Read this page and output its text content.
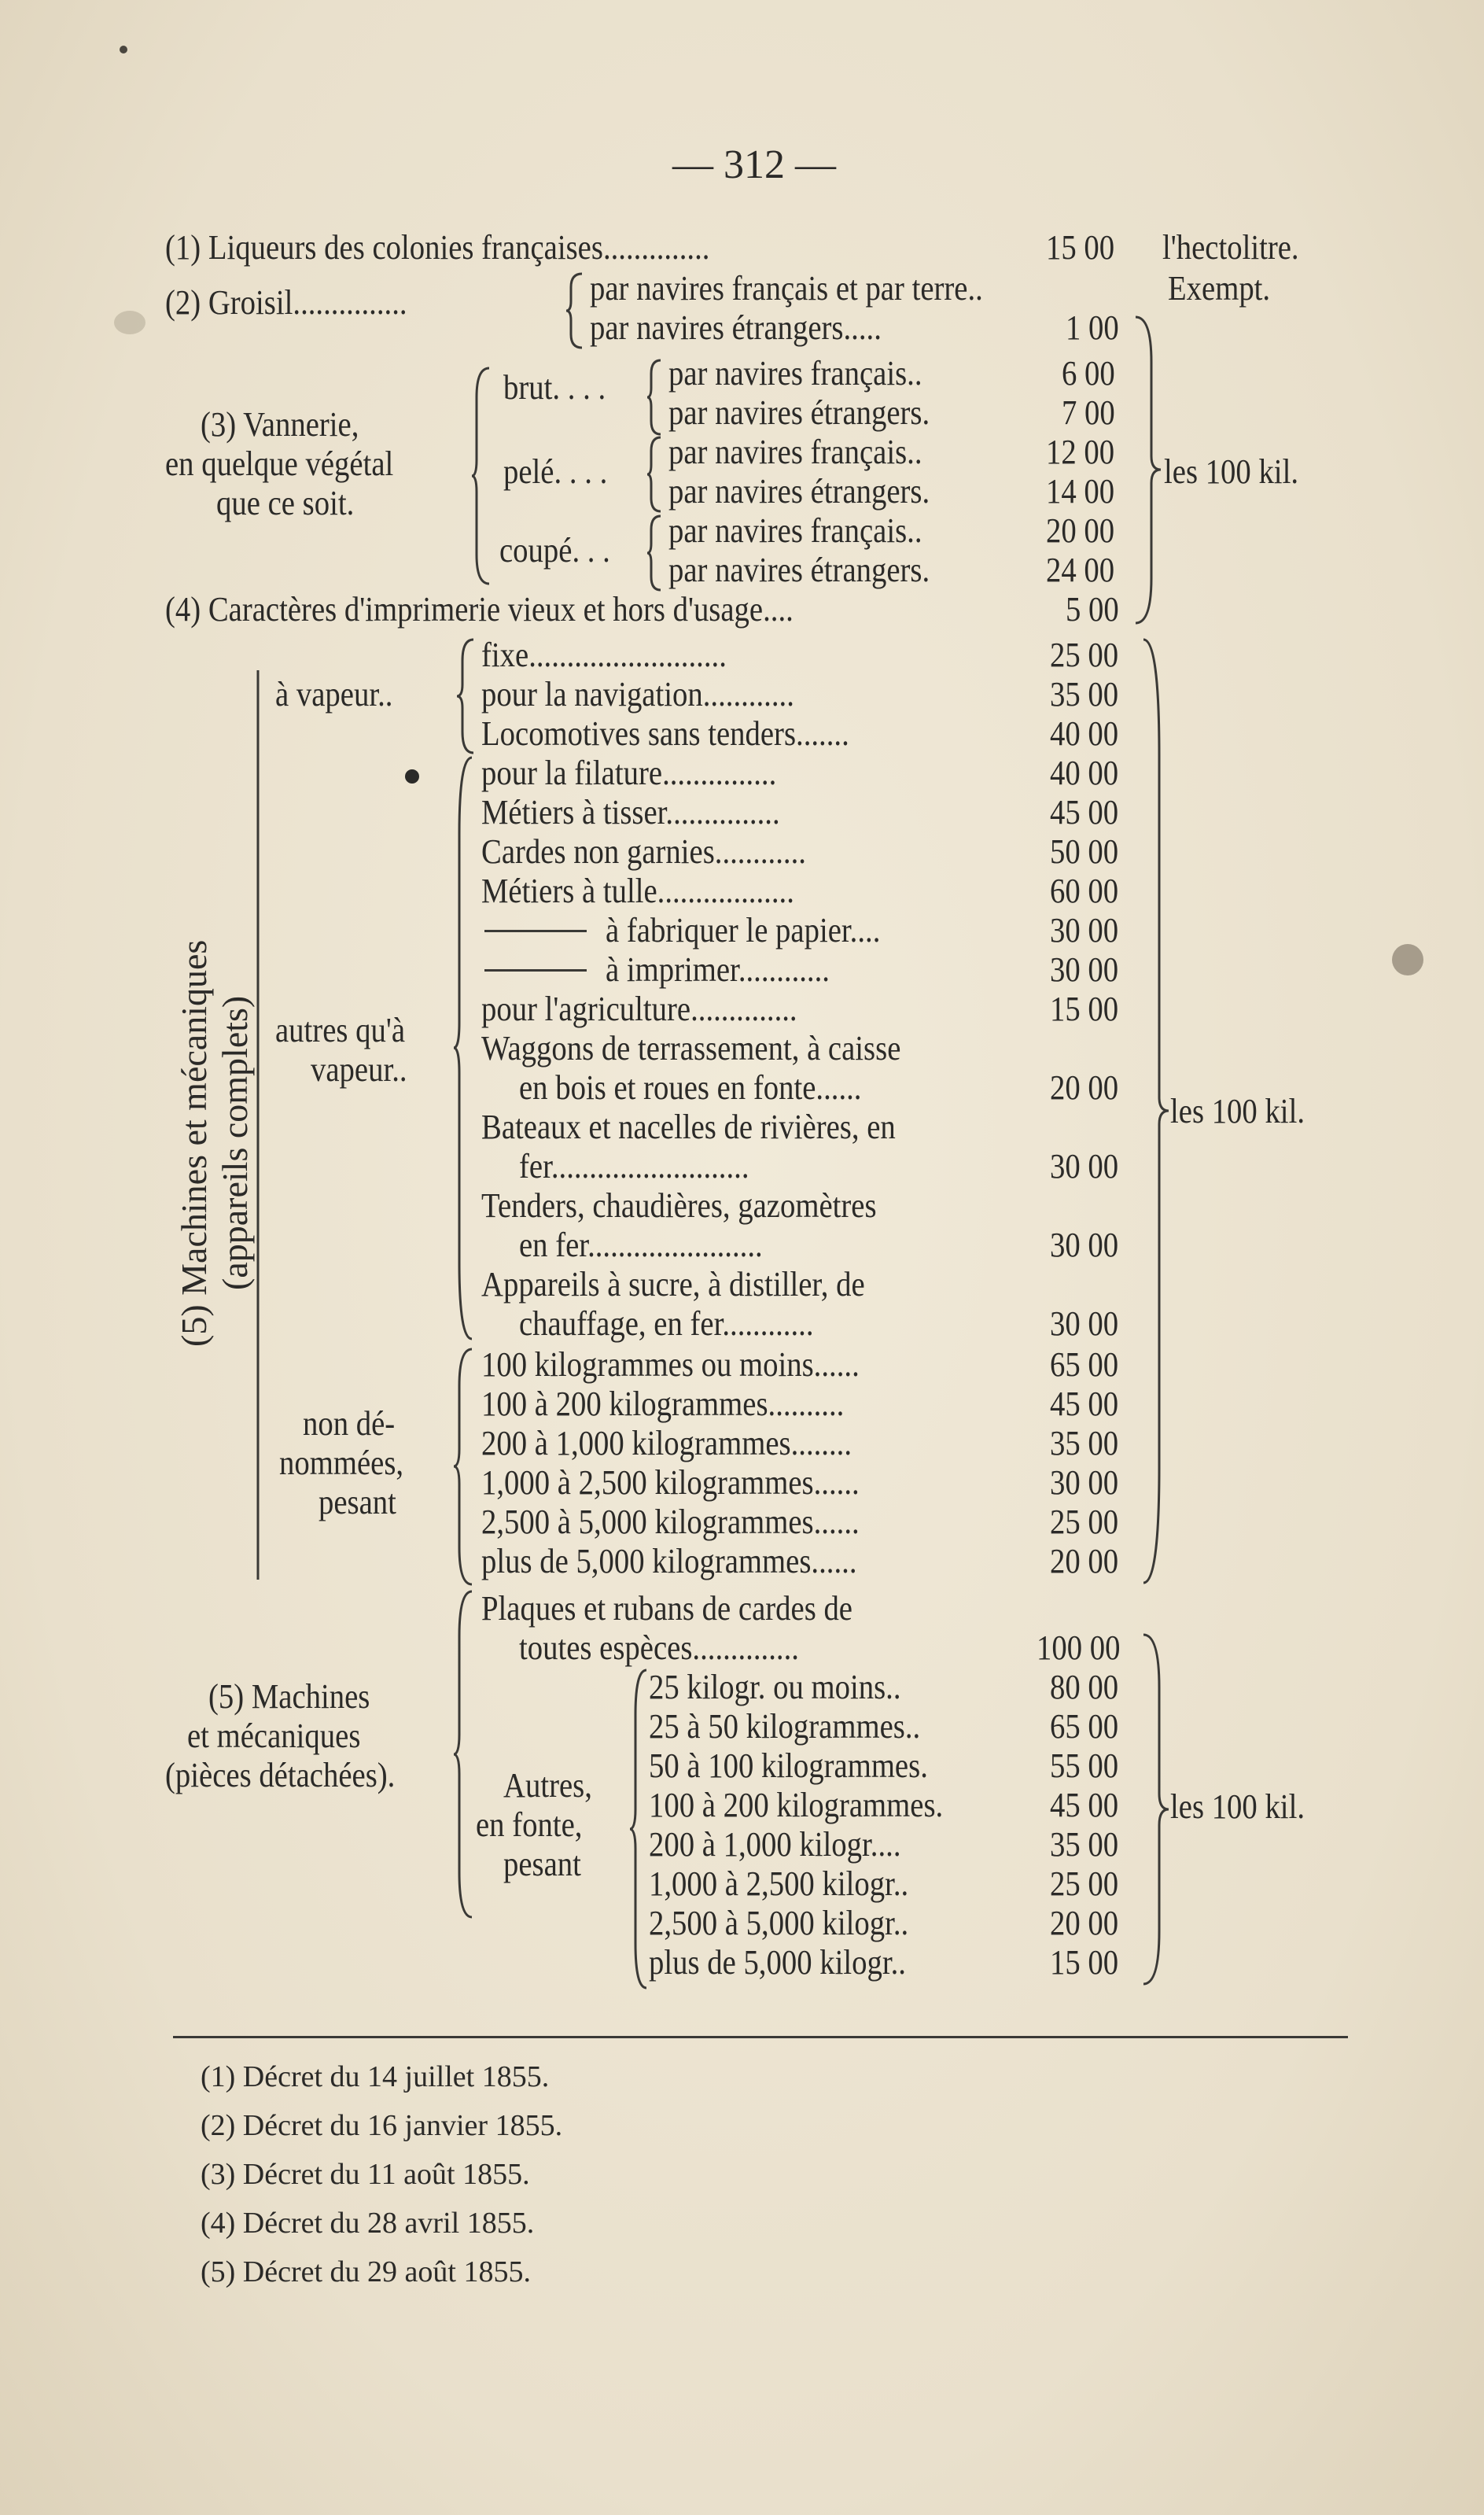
— 312 —
(1) Liqueurs des colonies françaises..............	15 00 l'hectolitre.
(2) Groisil...............	par navires français et par terre..	Exempt.
par navires étrangers.....	1 00
(3) Vannerie,
en quelque végétal
que ce soit.
brut. . . . par navires français..	6 00
par navires étrangers.	7 00
pelé. . . .
par navires français..	12 00
par navires étrangers.	14 00
coupé. . .
par navires français..	20 00
par navires étrangers.	24 00
(4) Caractères d'imprimerie vieux et hors d'usage....	5 00
les 100 kil.
(5) Machines et mécaniques (appareils complets)
à vapeur..
fixe..........................	25 00
pour la navigation............	35 00
Locomotives sans tenders.......	40 00
autres qu'à
vapeur..
pour la filature...............	40 00
Métiers à tisser...............	45 00
Cardes non garnies............	50 00
Métiers à tulle..................	60 00
à fabriquer le papier....	30 00
à imprimer............	30 00
pour l'agriculture..............	15 00
Waggons de terrassement, à caisse
en bois et roues en fonte......	20 00
Bateaux et nacelles de rivières, en
fer..........................	30 00
Tenders, chaudières, gazomètres
en fer.......................	30 00
Appareils à sucre, à distiller, de
chauffage, en fer............	30 00
non dé-
nommées,
pesant
100 kilogrammes ou moins......	65 00
100 à 200 kilogrammes..........	45 00
200 à 1,000 kilogrammes........	35 00
1,000 à 2,500 kilogrammes......	30 00
2,500 à 5,000 kilogrammes......	25 00
plus de 5,000 kilogrammes......	20 00
les 100 kil.
(5) Machines
et mécaniques
(pièces détachées).
Plaques et rubans de cardes de
toutes espèces..............	100 00
Autres,
en fonte,
pesant
25 kilogr. ou moins..	80 00
25 à 50 kilogrammes..	65 00
50 à 100 kilogrammes.	55 00
100 à 200 kilogrammes.	45 00
200 à 1,000 kilogr....	35 00
1,000 à 2,500 kilogr..	25 00
2,500 à 5,000 kilogr..	20 00
plus de 5,000 kilogr..	15 00
les 100 kil.
(1) Décret du 14 juillet 1855.
(2) Décret du 16 janvier 1855.
(3) Décret du 11 août 1855.
(4) Décret du 28 avril 1855.
(5) Décret du 29 août 1855.
